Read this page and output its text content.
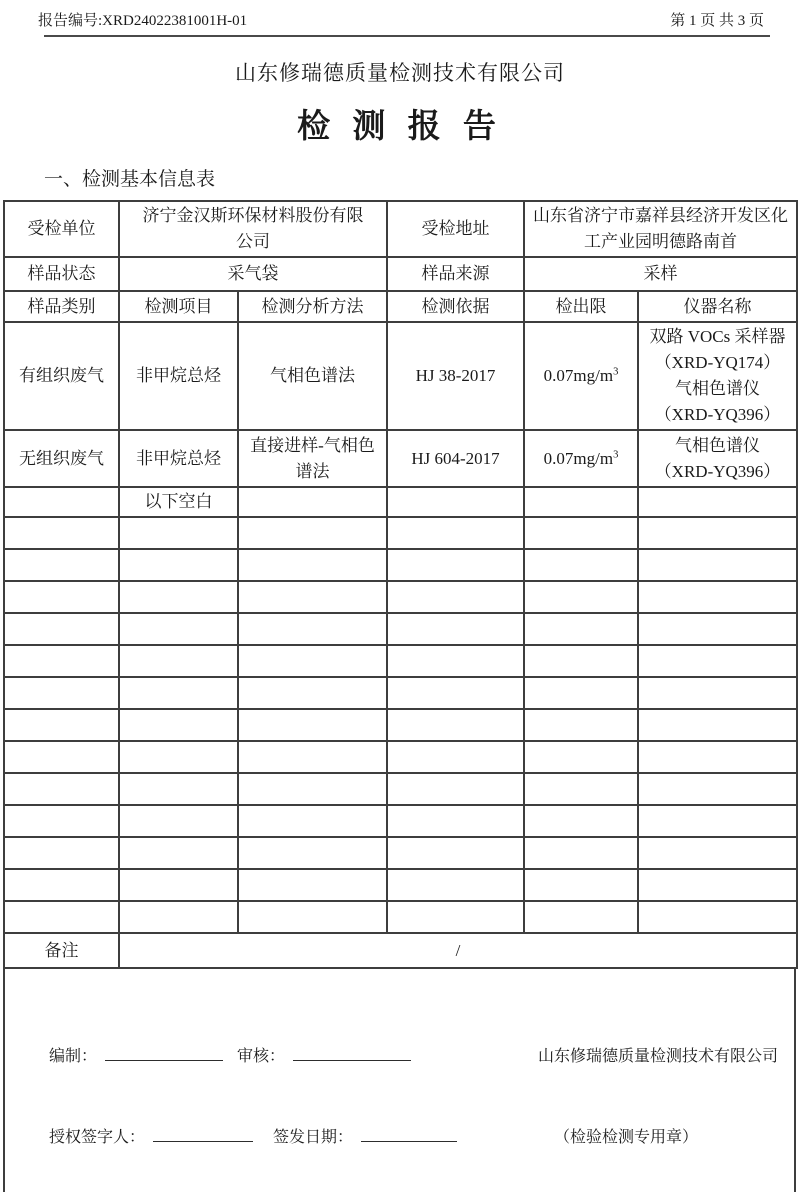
报告编号:XRD24022381001H-01	第 1 页 共 3 页
山东修瑞德质量检测技术有限公司
检 测 报 告
一、检测基本信息表
受检单位	济宁金汉斯环保材料股份有限公司		受检地址	山东省济宁市嘉祥县经济开发区化工产业园明德路南首	

样品状态	采气袋		样品来源	采样	
样品类别	检测项目	检测分析方法	检测依据	检出限	仪器名称
有组织废气	非甲烷总烃	气相色谱法	HJ 38-2017	$0.07mg/m^3$	双路 VOCs 采样器
（XRD-YQ174）
气相色谱仪
（XRD-YQ396）

无组织废气	非甲烷总烃	直接进样-气相色谱法	HJ 604-2017	$0.07mg/m^3$	气相色谱仪
（XRD-YQ396）

	以下空白				

备注	/				
编制：	审核：	山东修瑞德质量检测技术有限公司
授权签字人：	签发日期：	（检验检测专用章）
